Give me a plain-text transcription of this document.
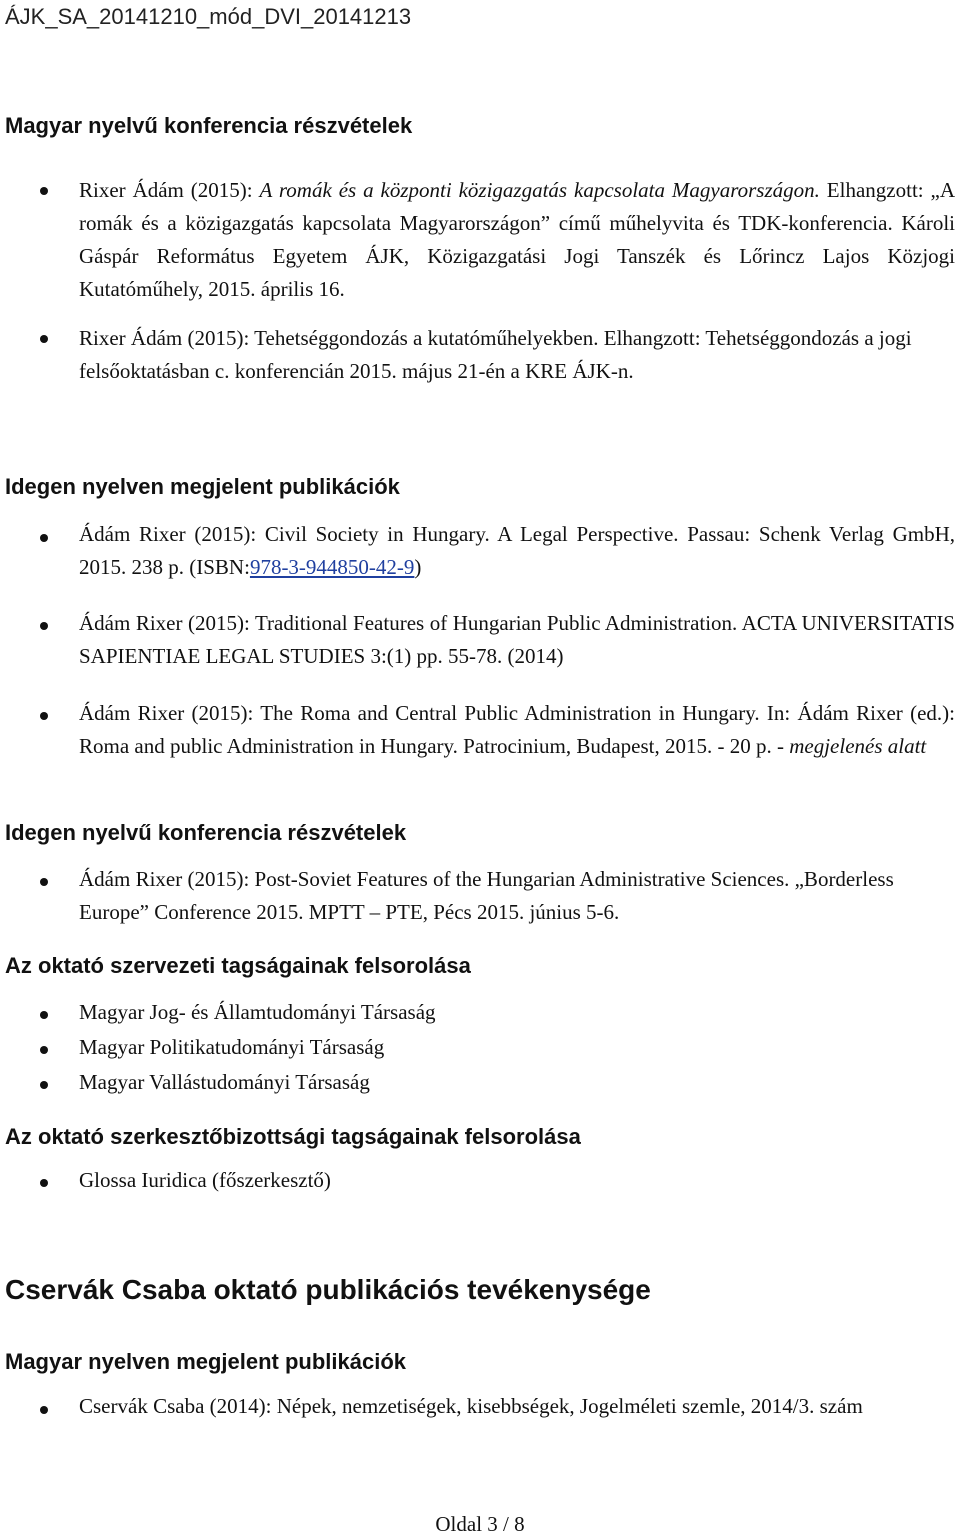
ÁJK_SA_20141210_mód_DVI_20141213
Magyar nyelvű konferencia részvételek
Rixer Ádám (2015): A romák és a központi közigazgatás kapcsolata Magyarországon. Elhangzott: „A romák és a közigazgatás kapcsolata Magyarországon” című műhelyvita és TDK-konferencia. Károli Gáspár Református Egyetem ÁJK, Közigazgatási Jogi Tanszék és Lőrincz Lajos Közjogi Kutatóműhely, 2015. április 16.
Rixer Ádám (2015): Tehetséggondozás a kutatóműhelyekben. Elhangzott: Tehetséggondozás a jogi felsőoktatásban c. konferencián 2015. május 21-én a KRE ÁJK-n.
Idegen nyelven megjelent publikációk
Ádám Rixer (2015): Civil Society in Hungary. A Legal Perspective. Passau: Schenk Verlag GmbH, 2015. 238 p. (ISBN:978-3-944850-42-9)
Ádám Rixer (2015): Traditional Features of Hungarian Public Administration. ACTA UNIVERSITATIS SAPIENTIAE LEGAL STUDIES 3:(1) pp. 55-78. (2014)
Ádám Rixer (2015): The Roma and Central Public Administration in Hungary. In: Ádám Rixer (ed.): Roma and public Administration in Hungary. Patrocinium, Budapest, 2015. - 20 p. - megjelenés alatt
Idegen nyelvű konferencia részvételek
Ádám Rixer (2015): Post-Soviet Features of the Hungarian Administrative Sciences. „Borderless Europe” Conference 2015. MPTT – PTE, Pécs 2015. június 5-6.
Az oktató szervezeti tagságainak felsorolása
Magyar Jog- és Államtudományi Társaság
Magyar Politikatudományi Társaság
Magyar Vallástudományi Társaság
Az oktató szerkesztőbizottsági tagságainak felsorolása
Glossa Iuridica (főszerkesztő)
Cservák Csaba oktató publikációs tevékenysége
Magyar nyelven megjelent publikációk
Cservák Csaba (2014): Népek, nemzetiségek, kisebbségek, Jogelméleti szemle, 2014/3. szám
Oldal 3 / 8
